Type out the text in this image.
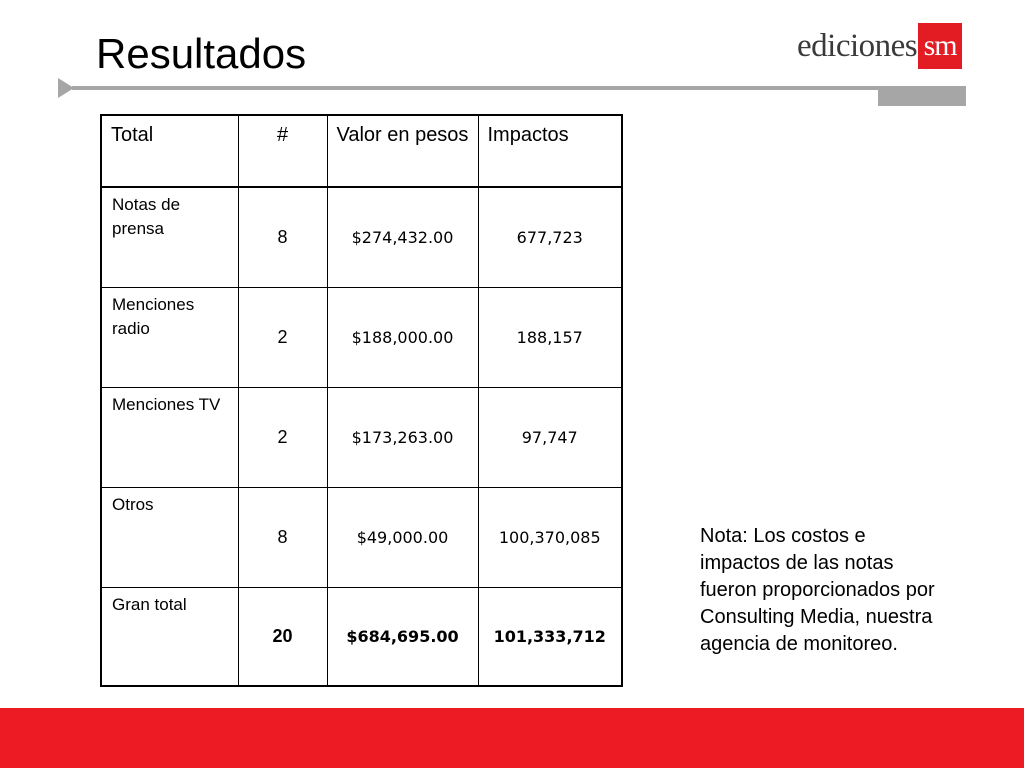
Resultados	ediciones sm
Total	#	Valor en pesos	Impactos
Notas de prensa	8	$274,432.00	677,723
Menciones radio	2	$188,000.00	188,157
Menciones TV	2	$173,263.00	97,747
Otros	8	$49,000.00	100,370,085
Gran total	20	$684,695.00	101,333,712
Nota: Los costos e impactos de las notas fueron proporcionados por Consulting Media, nuestra agencia de monitoreo.
